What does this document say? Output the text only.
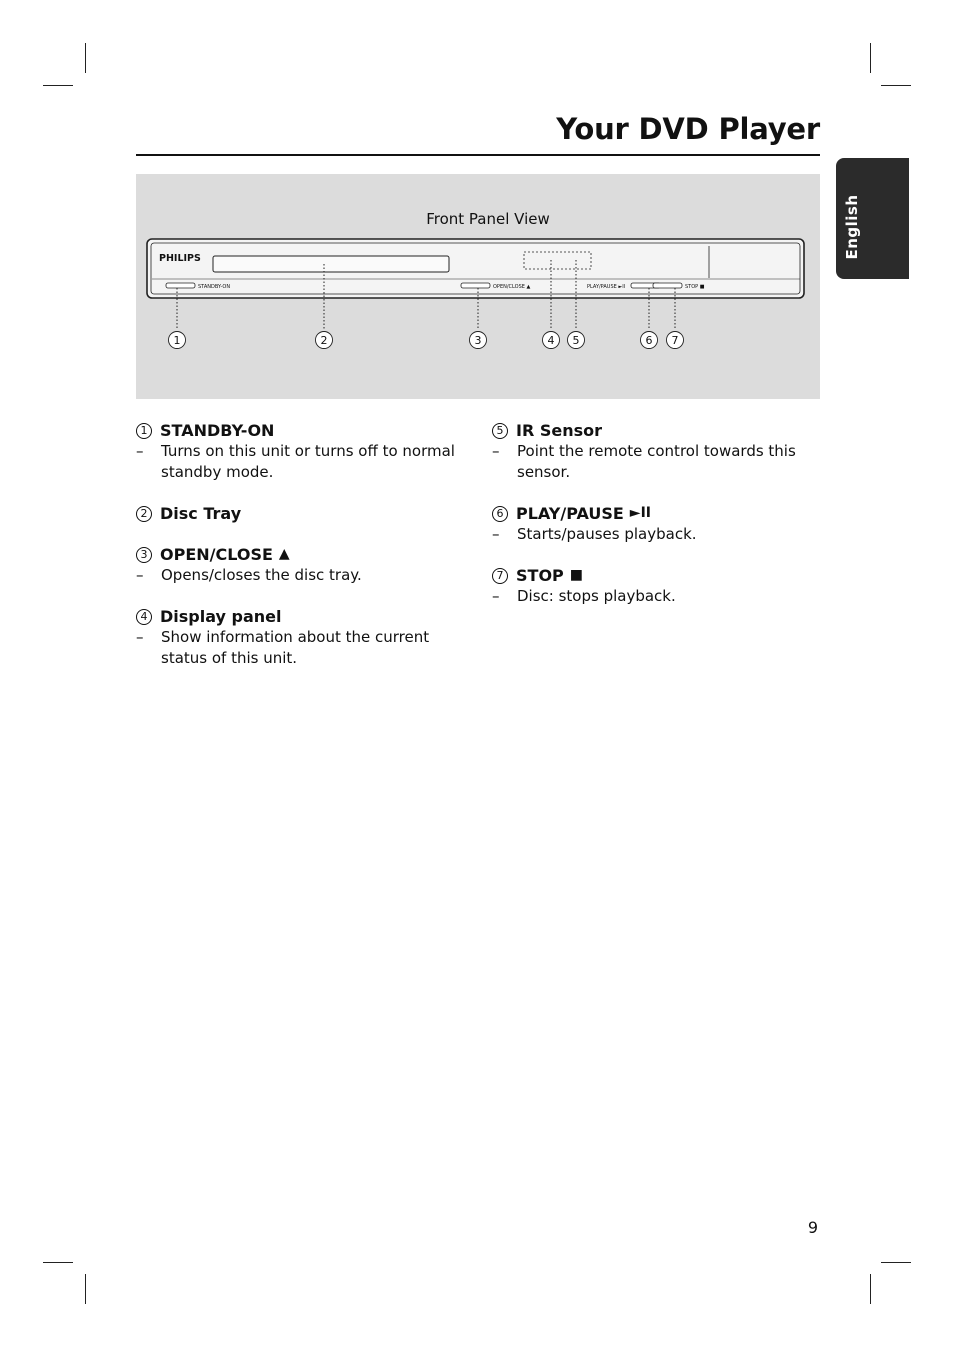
Your DVD Player
English
Front Panel View
PHILIPS
STANDBY-ON	OPEN/CLOSE ▲	PLAY/PAUSE ►II	STOP ■
1	2	3	4 5	6 7
1 STANDBY-ON
–	Turns on this unit or turns off to normal standby mode.
2 Disc Tray
3 OPEN/CLOSE ▲
–	Opens/closes the disc tray.
4 Display panel
–	Show information about the current status of this unit.
5 IR Sensor
–	Point the remote control towards this sensor.
6 PLAY/PAUSE ►II
–	Starts/pauses playback.
7 STOP ■
–	Disc: stops playback.
9
